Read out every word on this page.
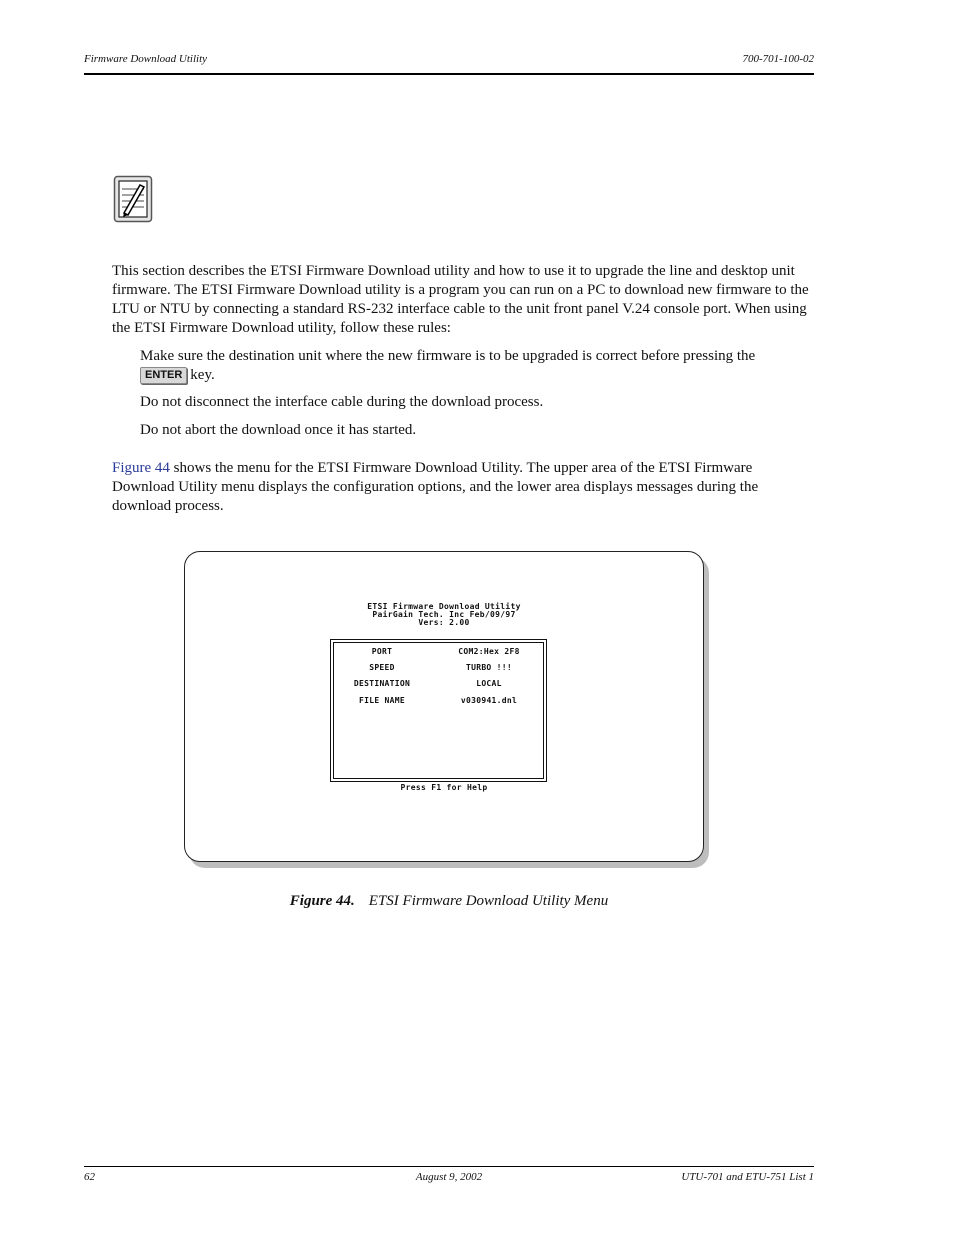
Firmware Download Utility	700-701-100-02
This section describes the ETSI Firmware Download utility and how to use it to upgrade the line and desktop unit firmware. The ETSI Firmware Download utility is a program you can run on a PC to download new firmware to the LTU or NTU by connecting a standard RS-232 interface cable to the unit front panel V.24 console port. When using the ETSI Firmware Download utility, follow these rules:
Make sure the destination unit where the new firmware is to be upgraded is correct before pressing the
ENTER key.
Do not disconnect the interface cable during the download process.
Do not abort the download once it has started.
Figure 44 shows the menu for the ETSI Firmware Download Utility. The upper area of the ETSI Firmware Download Utility menu displays the configuration options, and the lower area displays messages during the download process.
ETSI Firmware Download Utility
PairGain Tech. Inc Feb/09/97
Vers: 2.00
PORT	COM2:Hex 2F8
SPEED	TURBO !!!
DESTINATION	LOCAL
FILE NAME	v030941.dnl
Press F1 for Help
Figure 44. ETSI Firmware Download Utility Menu
62	August 9, 2002	UTU-701 and ETU-751 List 1
